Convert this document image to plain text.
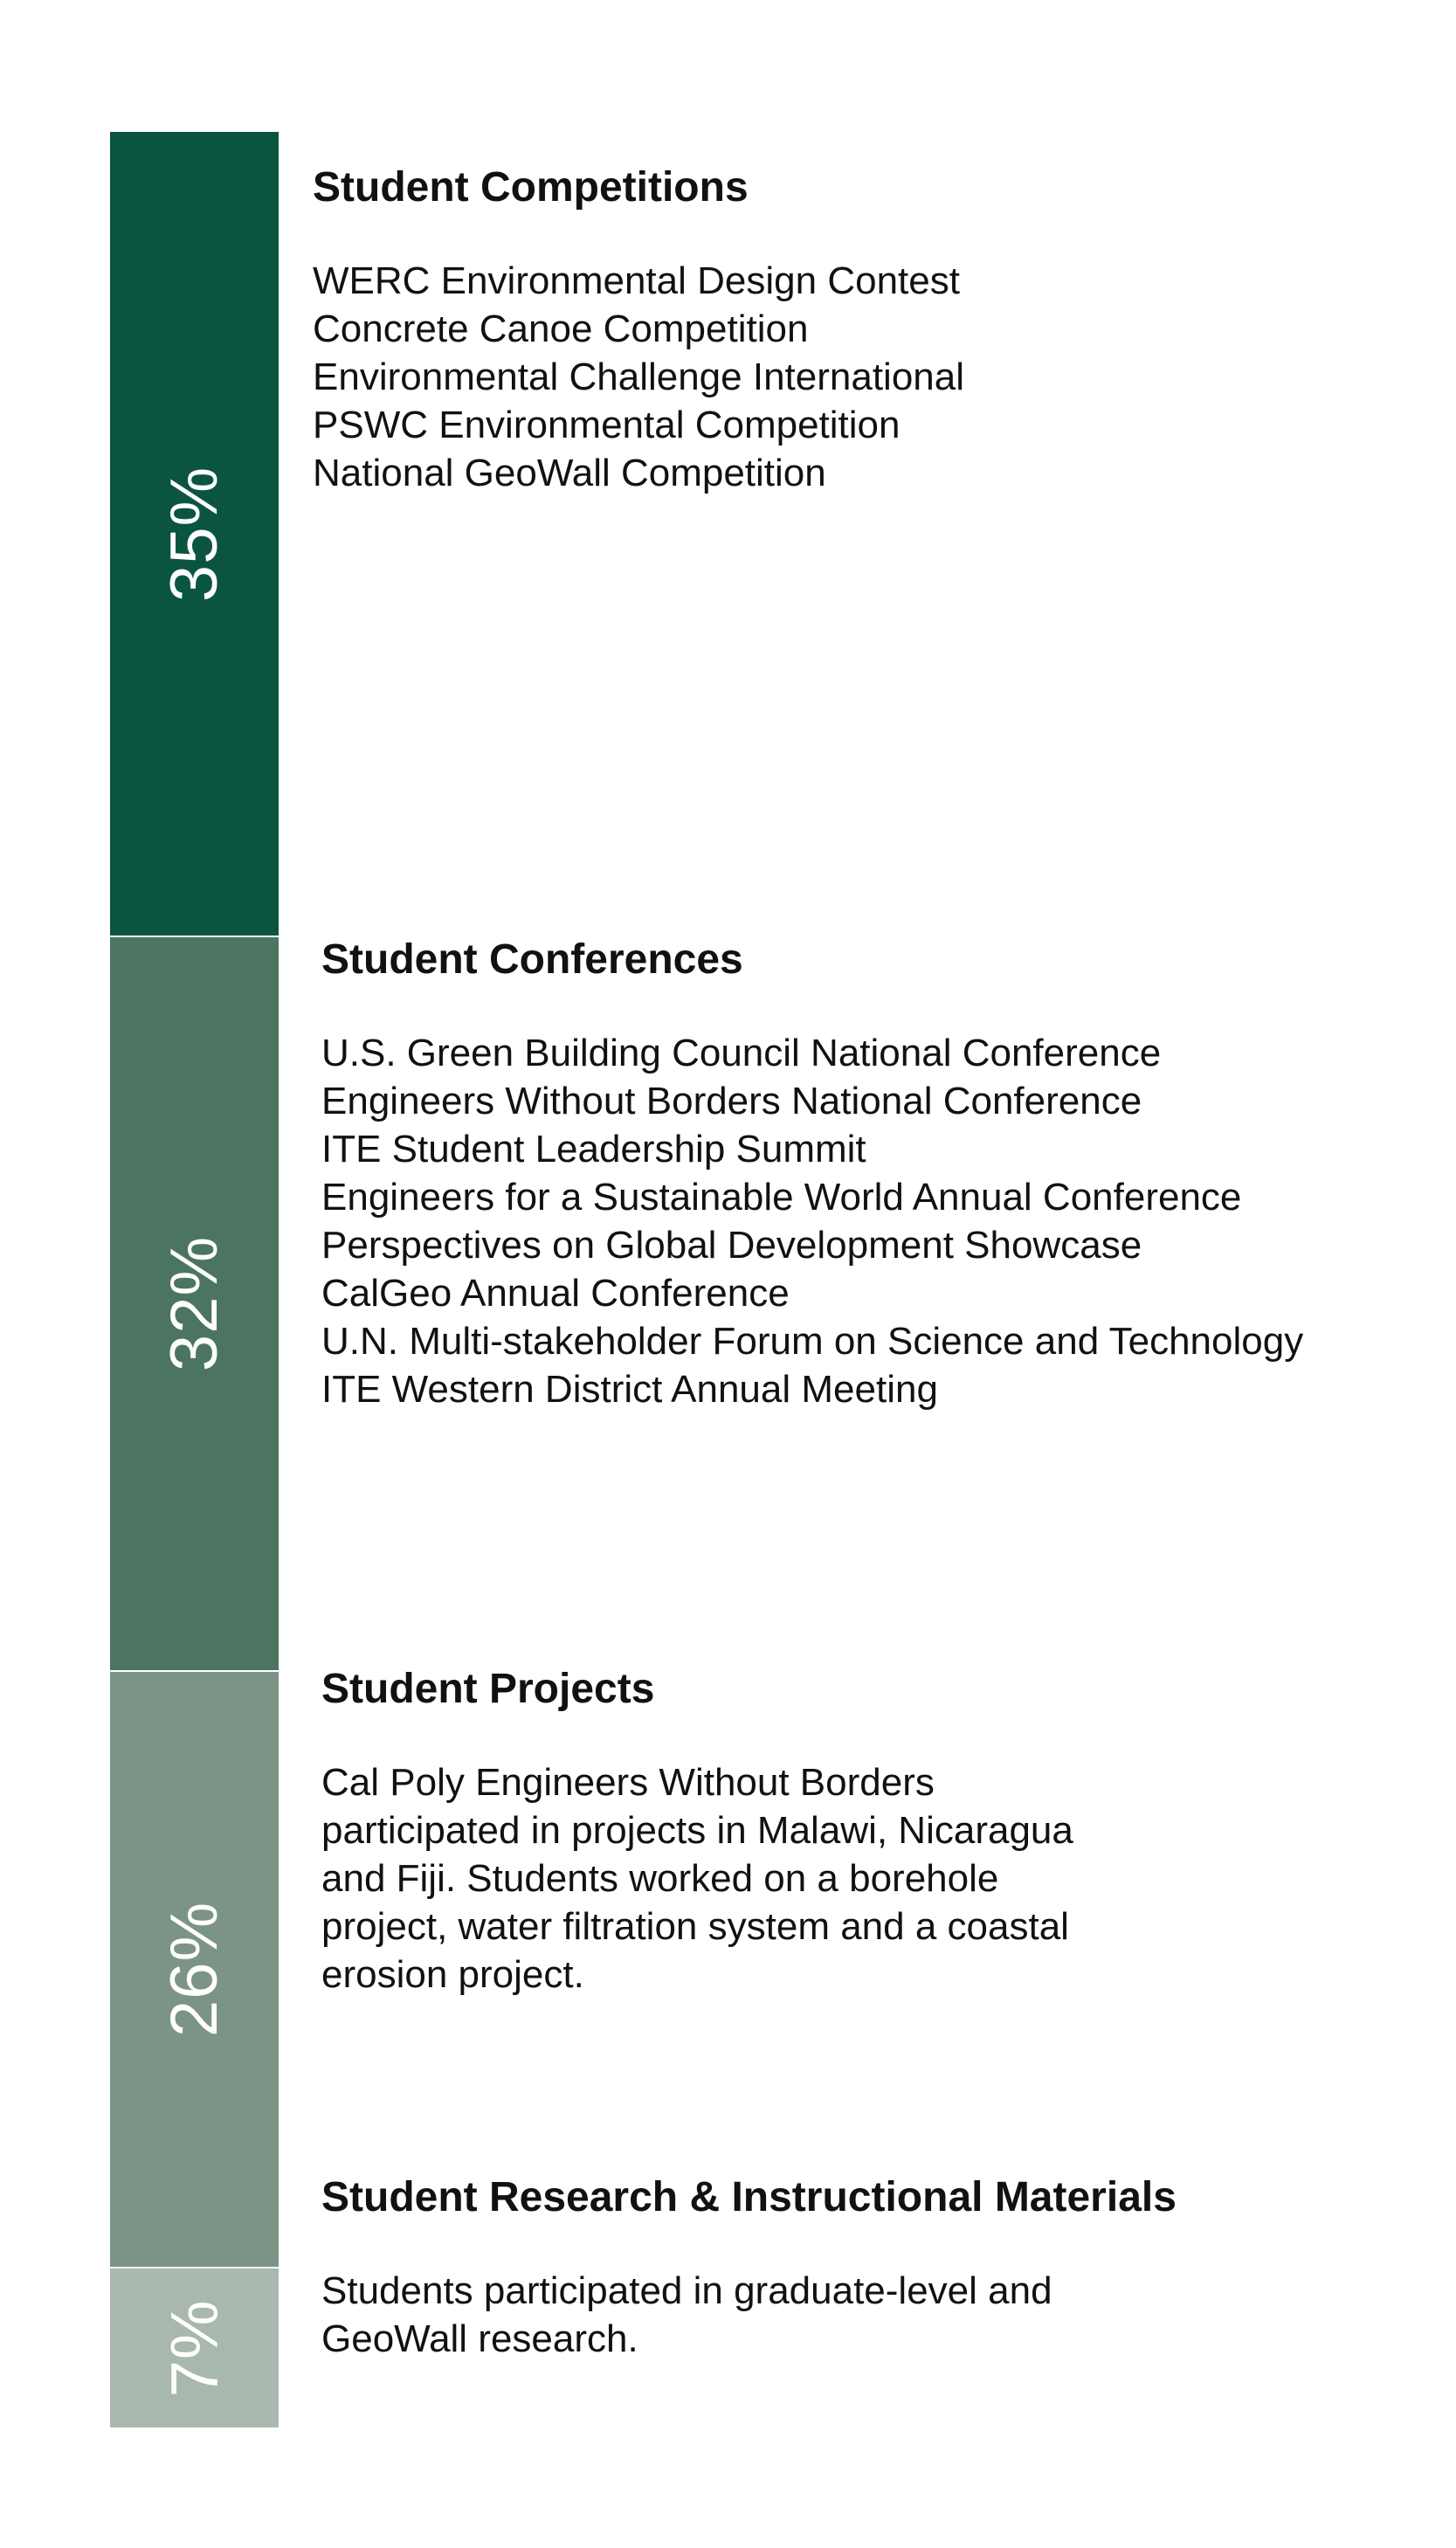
35%
32%
26%
7%
Student Competitions
WERC Environmental Design Contest
Concrete Canoe Competition
Environmental Challenge International
PSWC Environmental Competition
National GeoWall Competition
Student Conferences
U.S. Green Building Council National Conference
Engineers Without Borders National Conference
ITE Student Leadership Summit
Engineers for a Sustainable World Annual Conference
Perspectives on Global Development Showcase
CalGeo Annual Conference
U.N. Multi-stakeholder Forum on Science and Technology
ITE Western District Annual Meeting
Student Projects

Cal Poly Engineers Without Borders participated in projects in Malawi, Nicaragua and Fiji. Students worked on a borehole project, water filtration system and a coastal erosion project.

Student Research & Instructional Materials

Students participated in graduate-level and GeoWall research.
